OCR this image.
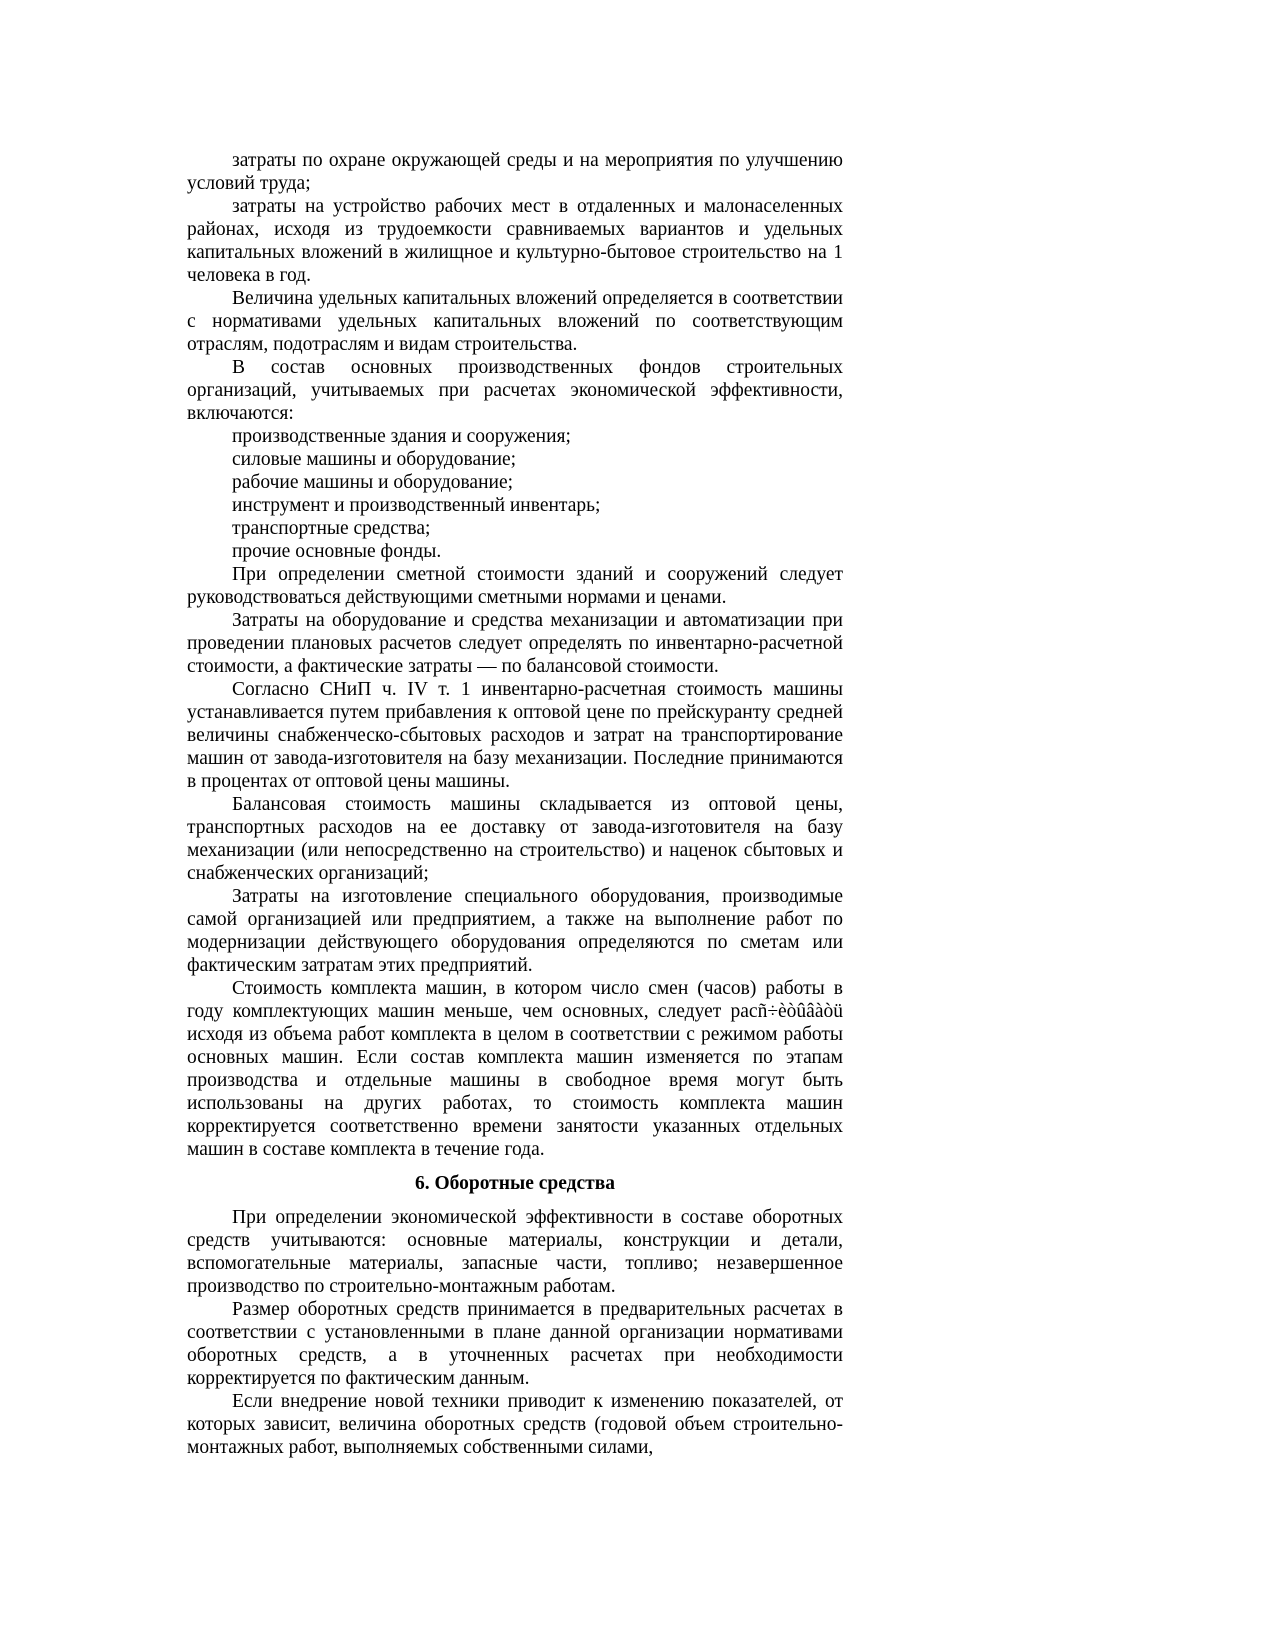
затраты по охране окружающей среды и на мероприятия по улучшению условий труда;

затраты на устройство рабочих мест в отдаленных и малонаселенных районах, исходя из трудоемкости сравниваемых вариантов и удельных капитальных вложений в жилищное и культурно-бытовое строительство на 1 человека в год.

Величина удельных капитальных вложений определяется в соответствии с нормативами удельных капитальных вложений по соответствующим отраслям, подотраслям и видам строительства.

В состав основных производственных фондов строительных организаций, учитываемых при расчетах экономической эффективности, включаются:

производственные здания и сооружения;

силовые машины и оборудование;

рабочие машины и оборудование;

инструмент и производственный инвентарь;

транспортные средства;

прочие основные фонды.

При определении сметной стоимости зданий и сооружений следует руководствоваться действующими сметными нормами и ценами.

Затраты на оборудование и средства механизации и автоматизации при проведении плановых расчетов следует определять по инвентарно-расчетной стоимости, а фактические затраты — по балансовой стоимости.

Согласно СНиП ч. IV т. 1 инвентарно-расчетная стоимость машины устанавливается путем прибавления к оптовой цене по прейскуранту средней величины снабженческо-сбытовых расходов и затрат на транспортирование машин от завода-изготовителя на базу механизации. Последние принимаются в процентах от оптовой цены машины.

Балансовая стоимость машины складывается из оптовой цены, транспортных расходов на ее доставку от завода-изготовителя на базу механизации (или непосредственно на строительство) и наценок сбытовых и снабженческих организаций;

Затраты на изготовление специального оборудования, производимые самой организацией или предприятием, а также на выполнение работ по модернизации действующего оборудования определяются по сметам или фактическим затратам этих предприятий.

Стоимость комплекта машин, в котором число смен (часов) работы в году комплектующих машин меньше, чем основных, следует расñ÷èòûâàòü исходя из объема работ комплекта в целом в соответствии с режимом работы основных машин. Если состав комплекта машин изменяется по этапам производства и отдельные машины в свободное время могут быть использованы на других работах, то стоимость комплекта машин корректируется соответственно времени занятости указанных отдельных машин в составе комплекта в течение года.

6. Оборотные средства

При определении экономической эффективности в составе оборотных средств учитываются: основные материалы, конструкции и детали, вспомогательные материалы, запасные части, топливо; незавершенное производство по строительно-монтажным работам.

Размер оборотных средств принимается в предварительных расчетах в соответствии с установленными в плане данной организации нормативами оборотных средств, а в уточненных расчетах при необходимости корректируется по фактическим данным.

Если внедрение новой техники приводит к изменению показателей, от которых зависит, величина оборотных средств (годовой объем строительно-монтажных работ, выполняемых собственными силами,
